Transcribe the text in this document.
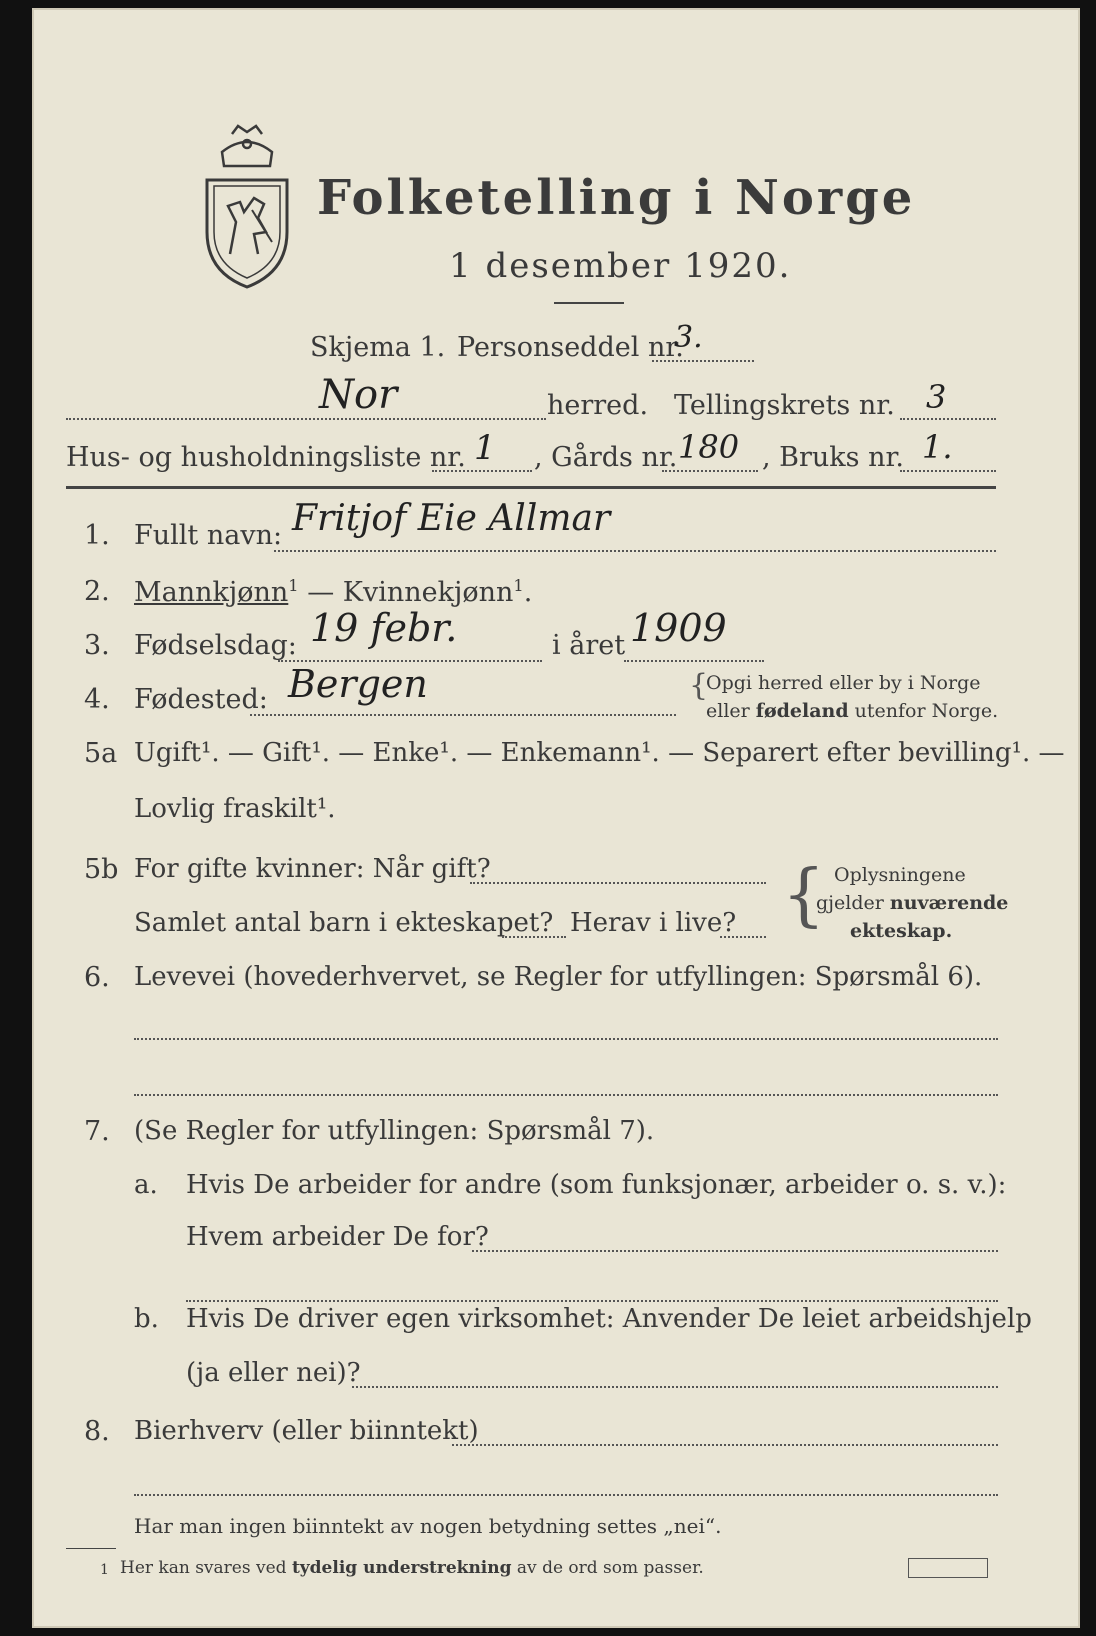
Folketelling i Norge
1 desember 1920.
Skjema 1. Personseddel nr.
3.
Nor	herred. Tellingskrets nr. 3
Hus- og husholdningsliste nr. 1 , Gårds nr. 180 , Bruks nr. 1.
1. Fullt navn: Fritjof Eie Allmar
2. Mannkjønn$^1$ — Kvinnekjønn$^1$.
3. Fødselsdag: 19 febr.	i året 1909
4. Fødested: Bergen	{
Opgi herred eller by i Norge
eller fødeland utenfor Norge.
5a Ugift¹. — Gift¹. — Enke¹. — Enkemann¹. — Separert efter bevilling¹. —
Lovlig fraskilt¹.
5b For gifte kvinner: Når gift?
Samlet antal barn i ekteskapet? Herav i live? { Oplysningene
gjelder nuværende
ekteskap.
6. Levevei (hovederhvervet, se Regler for utfyllingen: Spørsmål 6).
7. (Se Regler for utfyllingen: Spørsmål 7).
a. Hvis De arbeider for andre (som funksjonær, arbeider o. s. v.):
Hvem arbeider De for?
b. Hvis De driver egen virksomhet: Anvender De leiet arbeidshjelp
(ja eller nei)?
8. Bierhverv (eller biinntekt)
Har man ingen biinntekt av nogen betydning settes „nei“.
1 Her kan svares ved tydelig understrekning av de ord som passer.
